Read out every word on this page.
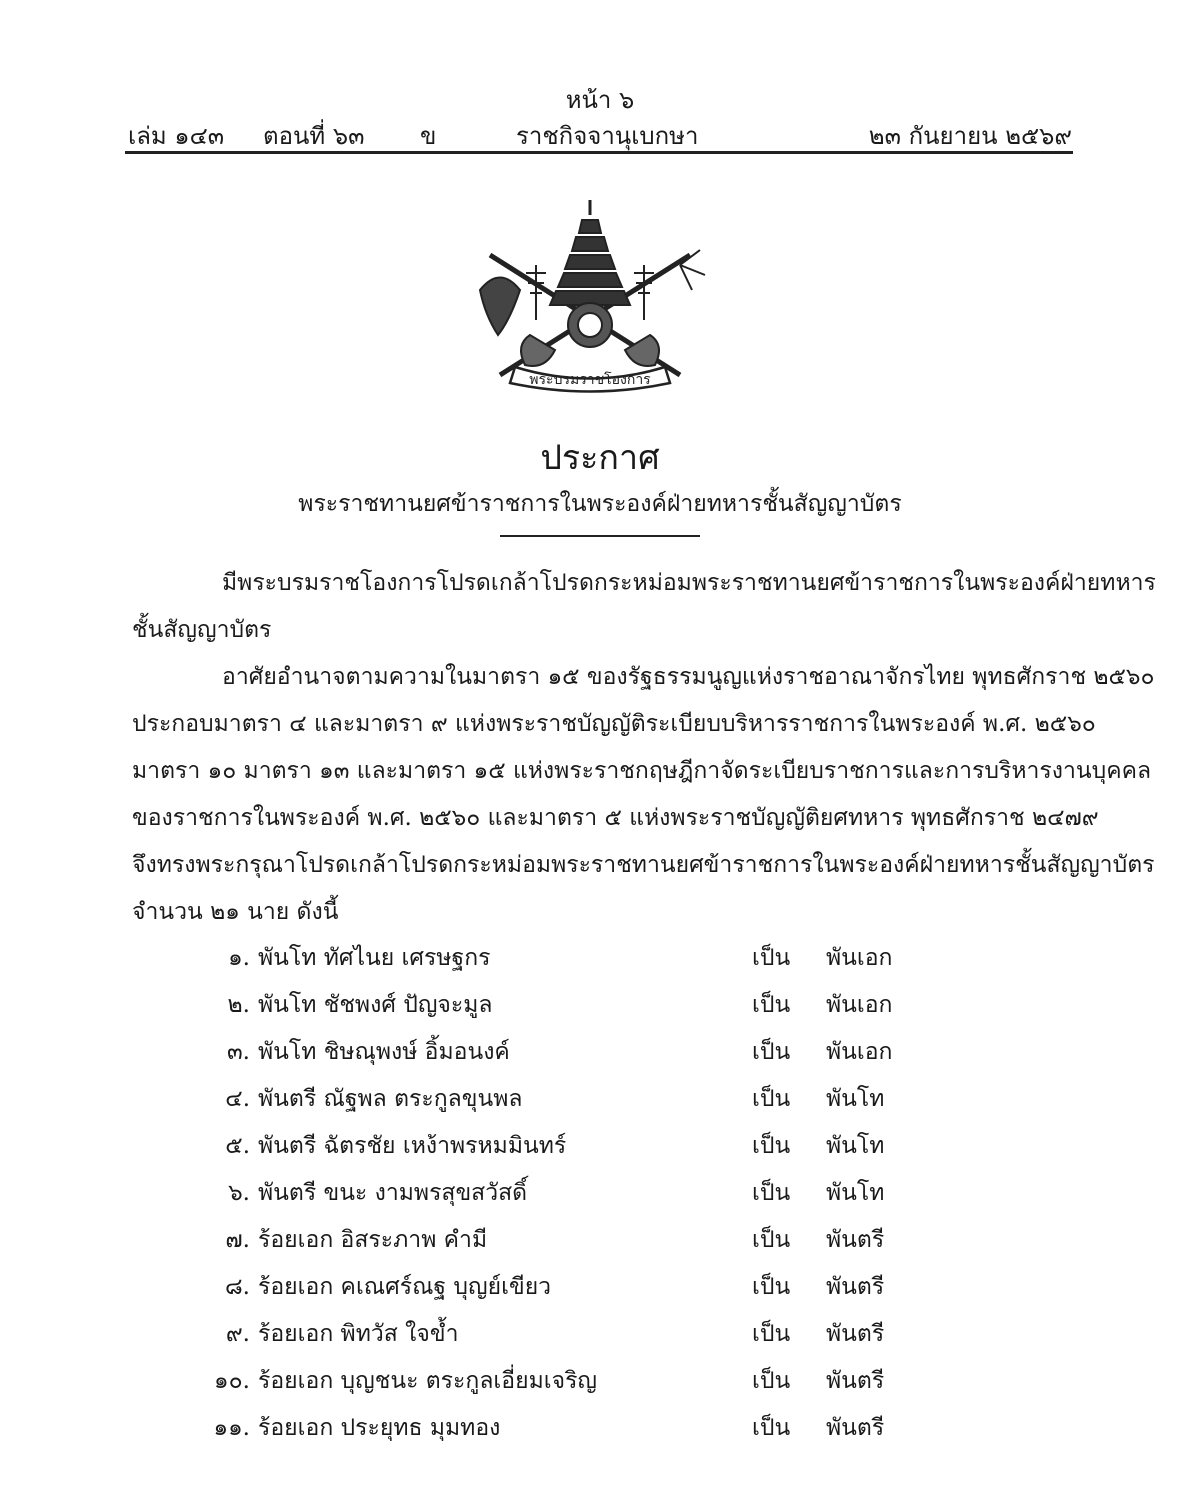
หน้า ๖
เล่ม ๑๔๓ ตอนที่ ๖๓ ข	ราชกิจจานุเบกษา	๒๓ กันยายน ๒๕๖๙
พระบรมราชโองการ
ประกาศ
พระราชทานยศข้าราชการในพระองค์ฝ่ายทหารชั้นสัญญาบัตร
มีพระบรมราชโองการโปรดเกล้าโปรดกระหม่อมพระราชทานยศข้าราชการในพระองค์ฝ่ายทหาร
ชั้นสัญญาบัตร
อาศัยอำนาจตามความในมาตรา ๑๕ ของรัฐธรรมนูญแห่งราชอาณาจักรไทย พุทธศักราช ๒๕๖๐
ประกอบมาตรา ๔ และมาตรา ๙ แห่งพระราชบัญญัติระเบียบบริหารราชการในพระองค์ พ.ศ. ๒๕๖๐
มาตรา ๑๐ มาตรา ๑๓ และมาตรา ๑๕ แห่งพระราชกฤษฎีกาจัดระเบียบราชการและการบริหารงานบุคคล
ของราชการในพระองค์ พ.ศ. ๒๕๖๐ และมาตรา ๕ แห่งพระราชบัญญัติยศทหาร พุทธศักราช ๒๔๗๙
จึงทรงพระกรุณาโปรดเกล้าโปรดกระหม่อมพระราชทานยศข้าราชการในพระองค์ฝ่ายทหารชั้นสัญญาบัตร
จำนวน ๒๑ นาย ดังนี้
๑. พันโท ทัศไนย เศรษฐกร	เป็น พันเอก
๒. พันโท ชัชพงศ์ ปัญจะมูล	เป็น พันเอก
๓. พันโท ชิษณุพงษ์ อิ้มอนงค์	เป็น พันเอก
๔. พันตรี ณัฐพล ตระกูลขุนพล	เป็น พันโท
๕. พันตรี ฉัตรชัย เหง้าพรหมมินทร์	เป็น พันโท
๖. พันตรี ขนะ งามพรสุขสวัสดิ์	เป็น พันโท
๗. ร้อยเอก อิสระภาพ คำมี	เป็น พันตรี
๘. ร้อยเอก คเณศร์ณฐ บุญย์เขียว	เป็น พันตรี
๙. ร้อยเอก พิทวัส ใจข้ำ	เป็น พันตรี
๑๐. ร้อยเอก บุญชนะ ตระกูลเอี่ยมเจริญ	เป็น พันตรี
๑๑. ร้อยเอก ประยุทธ มุมทอง	เป็น พันตรี
